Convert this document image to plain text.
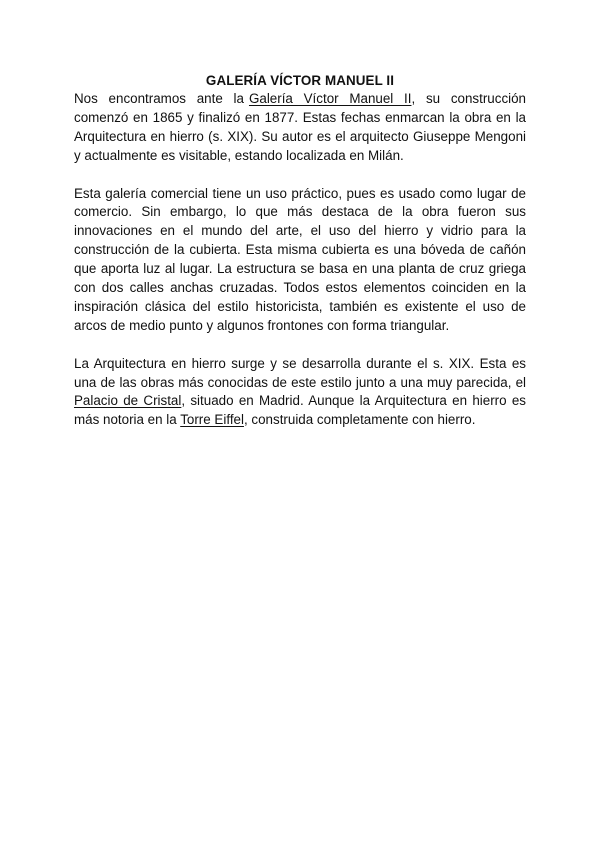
GALERÍA VÍCTOR MANUEL II

Nos encontramos ante la Galería Víctor Manuel II, su construcción comenzó en 1865 y finalizó en 1877. Estas fechas enmarcan la obra en la Arquitectura en hierro (s. XIX). Su autor es el arquitecto Giuseppe Mengoni y actualmente es visitable, estando localizada en Milán.

Esta galería comercial tiene un uso práctico, pues es usado como lugar de comercio. Sin embargo, lo que más destaca de la obra fueron sus innovaciones en el mundo del arte, el uso del hierro y vidrio para la construcción de la cubierta. Esta misma cubierta es una bóveda de cañón que aporta luz al lugar. La estructura se basa en una planta de cruz griega con dos calles anchas cruzadas. Todos estos elementos coinciden en la inspiración clásica del estilo historicista, también es existente el uso de arcos de medio punto y algunos frontones con forma triangular.

La Arquitectura en hierro surge y se desarrolla durante el s. XIX. Esta es una de las obras más conocidas de este estilo junto a una muy parecida, el Palacio de Cristal, situado en Madrid. Aunque la Arquitectura en hierro es más notoria en la Torre Eiffel, construida completamente con hierro.
